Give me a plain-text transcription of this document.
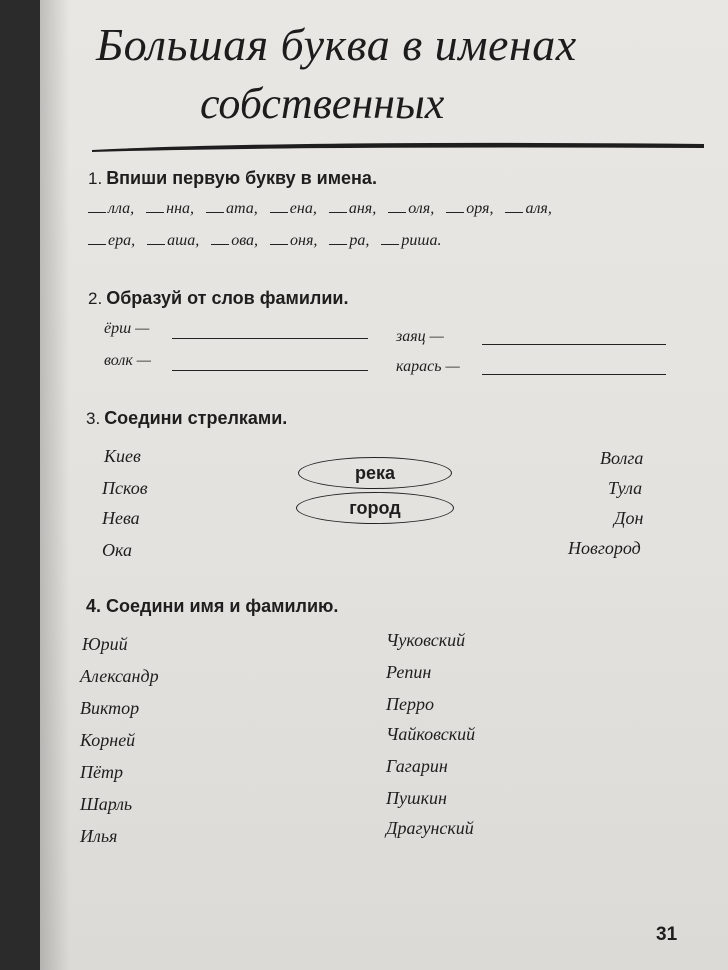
Большая буква в именах
собственных
1. Впиши первую букву в имена.
лла, нна, ата, ена, аня, оля, оря, аля,
ера, аша, ова, оня, ра, риша.
2. Образуй от слов фамилии.
ёрш —	заяц —
волк —	карась —
3. Соедини стрелками.
Киев
Псков
Нева
Ока
река
город
Волга
Тула
Дон
Новгород
4. Соедини имя и фамилию.
Юрий
Александр
Виктор
Корней
Пётр
Шарль
Илья
Чуковский
Репин
Перро
Чайковский
Гагарин
Пушкин
Драгунский
31
